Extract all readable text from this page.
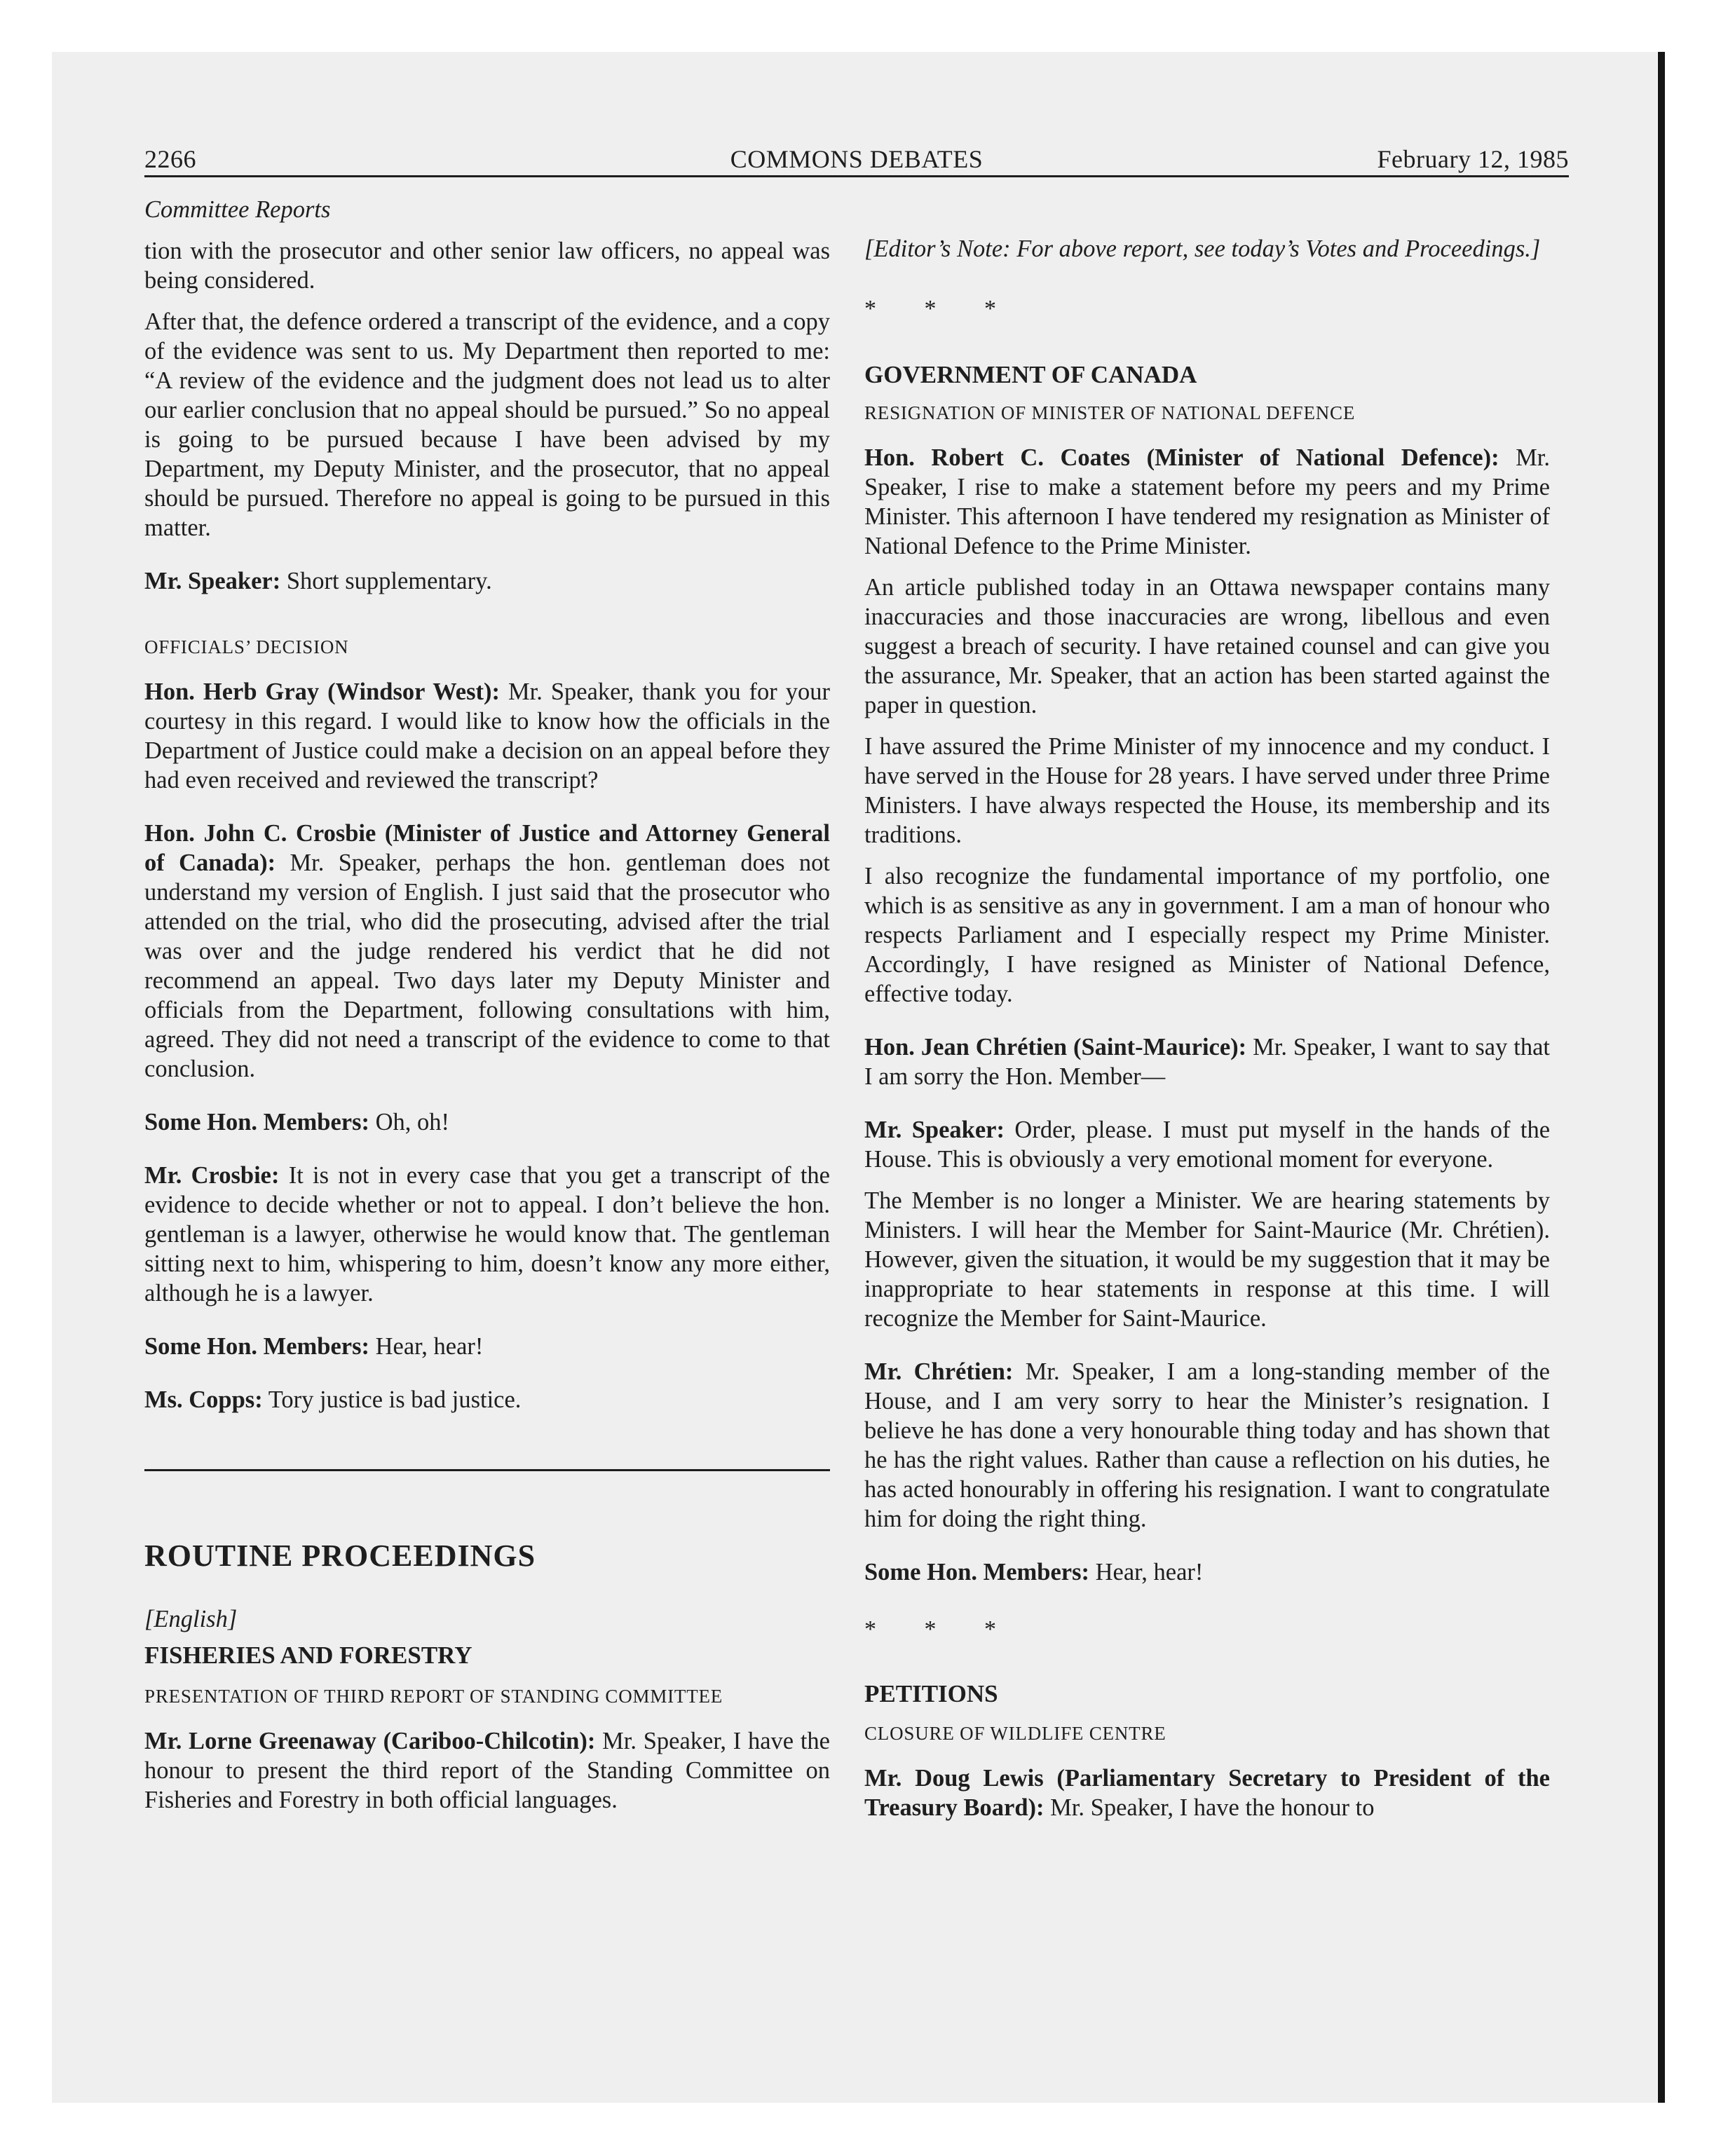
2266	COMMONS DEBATES	February 12, 1985

Committee Reports

tion with the prosecutor and other senior law officers, no appeal was being considered.

After that, the defence ordered a transcript of the evidence, and a copy of the evidence was sent to us. My Department then reported to me: “A review of the evidence and the judgment does not lead us to alter our earlier conclusion that no appeal should be pursued.” So no appeal is going to be pursued because I have been advised by my Department, my Deputy Minister, and the prosecutor, that no appeal should be pursued. Therefore no appeal is going to be pursued in this matter.

Mr. Speaker: Short supplementary.

OFFICIALS’ DECISION

Hon. Herb Gray (Windsor West): Mr. Speaker, thank you for your courtesy in this regard. I would like to know how the officials in the Department of Justice could make a decision on an appeal before they had even received and reviewed the transcript?

Hon. John C. Crosbie (Minister of Justice and Attorney General of Canada): Mr. Speaker, perhaps the hon. gentleman does not understand my version of English. I just said that the prosecutor who attended on the trial, who did the prosecuting, advised after the trial was over and the judge rendered his verdict that he did not recommend an appeal. Two days later my Deputy Minister and officials from the Department, following consultations with him, agreed. They did not need a transcript of the evidence to come to that conclusion.

Some Hon. Members: Oh, oh!

Mr. Crosbie: It is not in every case that you get a transcript of the evidence to decide whether or not to appeal. I don’t believe the hon. gentleman is a lawyer, otherwise he would know that. The gentleman sitting next to him, whispering to him, doesn’t know any more either, although he is a lawyer.

Some Hon. Members: Hear, hear!

Ms. Copps: Tory justice is bad justice.

ROUTINE PROCEEDINGS

[English]

FISHERIES AND FORESTRY

PRESENTATION OF THIRD REPORT OF STANDING COMMITTEE

Mr. Lorne Greenaway (Cariboo-Chilcotin): Mr. Speaker, I have the honour to present the third report of the Standing Committee on Fisheries and Forestry in both official languages.

[Editor’s Note: For above report, see today’s Votes and Proceedings.]

* * *

GOVERNMENT OF CANADA

RESIGNATION OF MINISTER OF NATIONAL DEFENCE

Hon. Robert C. Coates (Minister of National Defence): Mr. Speaker, I rise to make a statement before my peers and my Prime Minister. This afternoon I have tendered my resignation as Minister of National Defence to the Prime Minister.

An article published today in an Ottawa newspaper contains many inaccuracies and those inaccuracies are wrong, libellous and even suggest a breach of security. I have retained counsel and can give you the assurance, Mr. Speaker, that an action has been started against the paper in question.

I have assured the Prime Minister of my innocence and my conduct. I have served in the House for 28 years. I have served under three Prime Ministers. I have always respected the House, its membership and its traditions.

I also recognize the fundamental importance of my portfolio, one which is as sensitive as any in government. I am a man of honour who respects Parliament and I especially respect my Prime Minister. Accordingly, I have resigned as Minister of National Defence, effective today.

Hon. Jean Chrétien (Saint-Maurice): Mr. Speaker, I want to say that I am sorry the Hon. Member—

Mr. Speaker: Order, please. I must put myself in the hands of the House. This is obviously a very emotional moment for everyone.

The Member is no longer a Minister. We are hearing statements by Ministers. I will hear the Member for Saint-Maurice (Mr. Chrétien). However, given the situation, it would be my suggestion that it may be inappropriate to hear statements in response at this time. I will recognize the Member for Saint-Maurice.

Mr. Chrétien: Mr. Speaker, I am a long-standing member of the House, and I am very sorry to hear the Minister’s resignation. I believe he has done a very honourable thing today and has shown that he has the right values. Rather than cause a reflection on his duties, he has acted honourably in offering his resignation. I want to congratulate him for doing the right thing.

Some Hon. Members: Hear, hear!

* * *

PETITIONS

CLOSURE OF WILDLIFE CENTRE

Mr. Doug Lewis (Parliamentary Secretary to President of the Treasury Board): Mr. Speaker, I have the honour to
